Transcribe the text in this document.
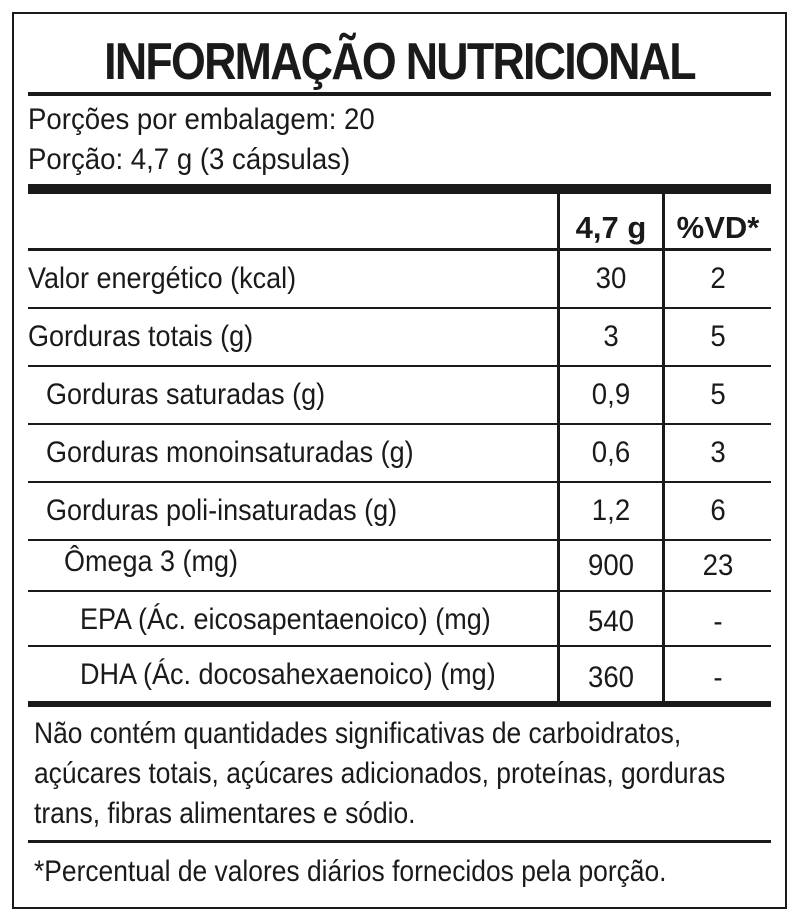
INFORMAÇÃO NUTRICIONAL
Porções por embalagem: 20
Porção: 4,7 g (3 cápsulas)
4,7 g %VD*
Valor energético (kcal)	30	2
Gorduras totais (g)	3	5
Gorduras saturadas (g)	0,9	5
Gorduras monoinsaturadas (g)	0,6	3
Gorduras poli-insaturadas (g)	1,2	6
Ômega 3 (mg)	900	23
EPA (Ác. eicosapentaenoico) (mg)	540	-
DHA (Ác. docosahexaenoico) (mg)	360	-
Não contém quantidades significativas de carboidratos,
açúcares totais, açúcares adicionados, proteínas, gorduras
trans, fibras alimentares e sódio.
*Percentual de valores diários fornecidos pela porção.
